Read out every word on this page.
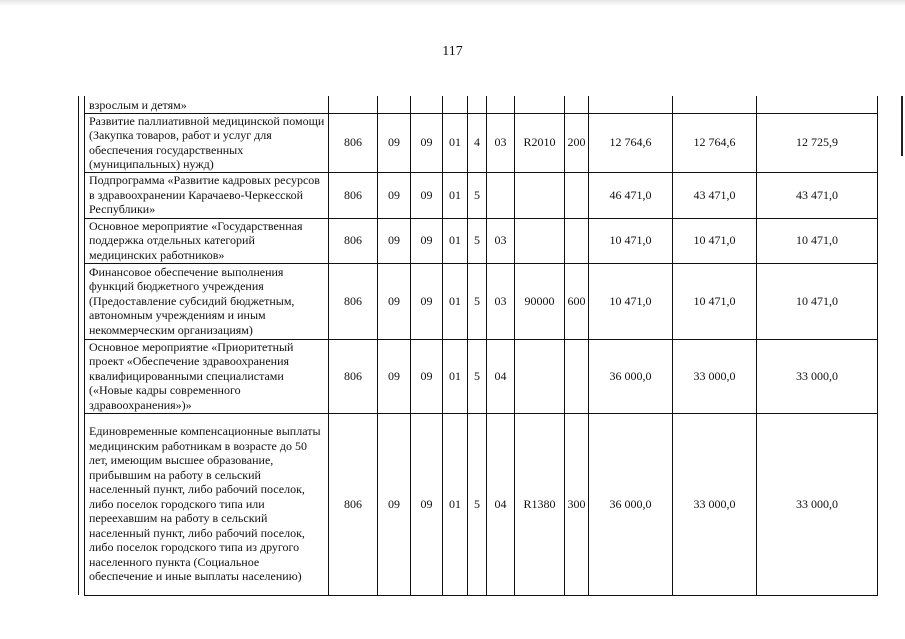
117
	взрослым и детям»											
	Развитие паллиативной медицинской помощи (Закупка товаров, работ и услуг для обеспечения государственных (муниципальных) нужд)	806	09	09	01	4	03	R2010	200	12 764,6	12 764,6	12 725,9
	Подпрограмма «Развитие кадровых ресурсов в здравоохранении Карачаево-Черкесской Республики»	806	09	09	01	5				46 471,0	43 471,0	43 471,0
	Основное мероприятие «Государственная поддержка отдельных категорий медицинских работников»	806	09	09	01	5	03			10 471,0	10 471,0	10 471,0
	Финансовое обеспечение выполнения функций бюджетного учреждения (Предоставление субсидий бюджетным, автономным учреждениям и иным некоммерческим организациям)	806	09	09	01	5	03	90000	600	10 471,0	10 471,0	10 471,0
	Основное мероприятие «Приоритетный проект «Обеспечение здравоохранения квалифицированными специалистами («Новые кадры современного здравоохранения»)»	806	09	09	01	5	04			36 000,0	33 000,0	33 000,0
	Единовременные компенсационные выплаты медицинским работникам в возрасте до 50 лет, имеющим высшее образование, прибывшим на работу в сельский населенный пункт, либо рабочий поселок, либо поселок городского типа или переехавшим на работу в сельский населенный пункт, либо рабочий поселок, либо поселок городского типа из другого населенного пункта (Социальное обеспечение и иные выплаты населению)	806	09	09	01	5	04	R1380	300	36 000,0	33 000,0	33 000,0
